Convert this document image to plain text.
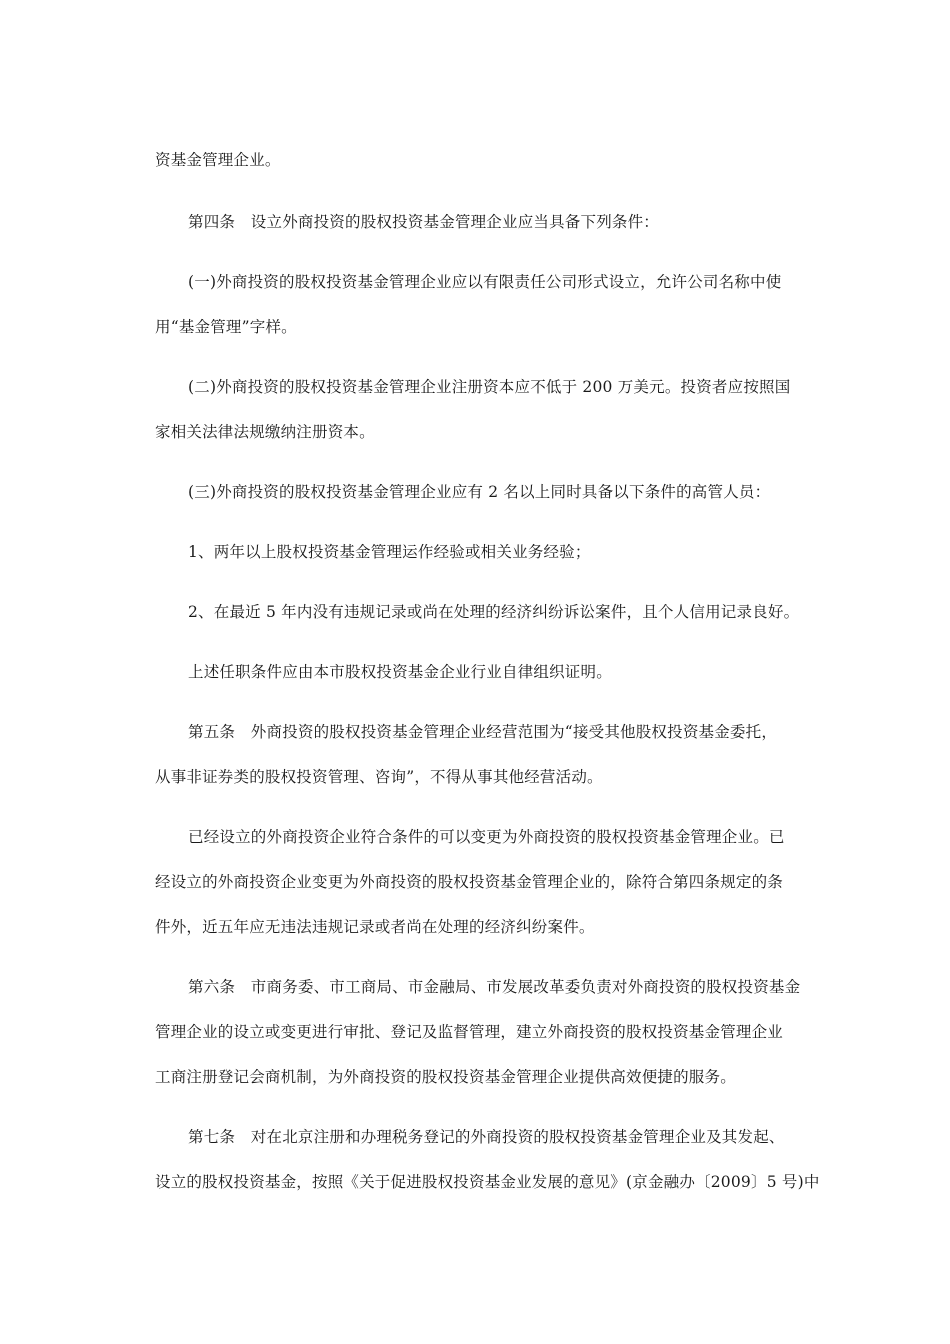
资基金管理企业。
第四条　设立外商投资的股权投资基金管理企业应当具备下列条件：
(一)外商投资的股权投资基金管理企业应以有限责任公司形式设立，允许公司名称中使
用“基金管理”字样。
(二)外商投资的股权投资基金管理企业注册资本应不低于 200 万美元。投资者应按照国
家相关法律法规缴纳注册资本。
(三)外商投资的股权投资基金管理企业应有 2 名以上同时具备以下条件的高管人员：
1、两年以上股权投资基金管理运作经验或相关业务经验；
2、在最近 5 年内没有违规记录或尚在处理的经济纠纷诉讼案件，且个人信用记录良好。
上述任职条件应由本市股权投资基金企业行业自律组织证明。
第五条　外商投资的股权投资基金管理企业经营范围为“接受其他股权投资基金委托，
从事非证券类的股权投资管理、咨询”，不得从事其他经营活动。
已经设立的外商投资企业符合条件的可以变更为外商投资的股权投资基金管理企业。已
经设立的外商投资企业变更为外商投资的股权投资基金管理企业的，除符合第四条规定的条
件外，近五年应无违法违规记录或者尚在处理的经济纠纷案件。
第六条　市商务委、市工商局、市金融局、市发展改革委负责对外商投资的股权投资基金
管理企业的设立或变更进行审批、登记及监督管理，建立外商投资的股权投资基金管理企业
工商注册登记会商机制，为外商投资的股权投资基金管理企业提供高效便捷的服务。
第七条　对在北京注册和办理税务登记的外商投资的股权投资基金管理企业及其发起、
设立的股权投资基金，按照《关于促进股权投资基金业发展的意见》(京金融办〔2009〕5 号)中
